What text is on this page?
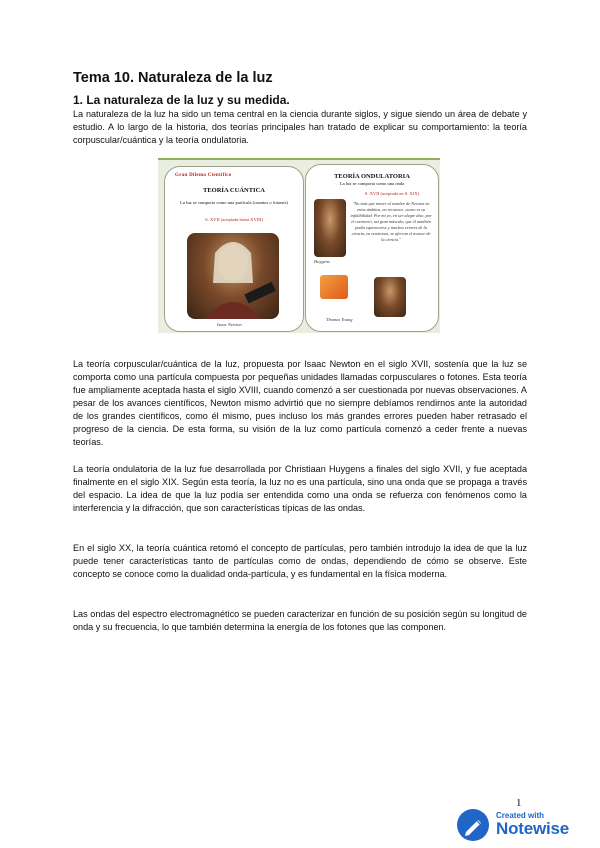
Tema 10. Naturaleza de la luz
1. La naturaleza de la luz y su medida.

La naturaleza de la luz ha sido un tema central en la ciencia durante siglos, y sigue siendo un área de debate y estudio. A lo largo de la historia, dos teorías principales han tratado de explicar su comportamiento: la teoría corpuscular/cuántica y la teoría ondulatoria.

Gran Dilema Científico
TEORÍA CUÁNTICA
La luz se comporta como una partícula (cuantos o fotones)
S. XVII (aceptada hasta XVIII)
Isaac Newton
TEORÍA ONDULATORIA
La luz se comporta como una onda
S. XVII (aceptada en S. XIX)
Huygens
"No más que mover al nombre de Newton en estos ámbitos, no reconoce, acaso es su infalibilidad. Por mi yo, en ser alegre diso, por el contrario, así gran músculo, que él también podía equivocarse y muchos errores de la ciencia, en ocasiones, se aferran el avance de la ciencia."
Thomas Young

La teoría corpuscular/cuántica de la luz, propuesta por Isaac Newton en el siglo XVII, sostenía que la luz se comporta como una partícula compuesta por pequeñas unidades llamadas corpusculares o fotones. Esta teoría fue ampliamente aceptada hasta el siglo XVIII, cuando comenzó a ser cuestionada por nuevas observaciones. A pesar de los avances científicos, Newton mismo advirtió que no siempre debíamos rendirnos ante la autoridad de los grandes científicos, como él mismo, pues incluso los más grandes errores pueden haber retrasado el progreso de la ciencia. De esta forma, su visión de la luz como partícula comenzó a ceder frente a nuevas teorías.

La teoría ondulatoria de la luz fue desarrollada por Christiaan Huygens a finales del siglo XVII, y fue aceptada finalmente en el siglo XIX. Según esta teoría, la luz no es una partícula, sino una onda que se propaga a través del espacio. La idea de que la luz podía ser entendida como una onda se refuerza con fenómenos como la interferencia y la difracción, que son características típicas de las ondas.

En el siglo XX, la teoría cuántica retomó el concepto de partículas, pero también introdujo la idea de que la luz puede tener características tanto de partículas como de ondas, dependiendo de cómo se observe. Este concepto se conoce como la dualidad onda-partícula, y es fundamental en la física moderna.

Las ondas del espectro electromagnético se pueden caracterizar en función de su posición según su longitud de onda y su frecuencia, lo que también determina la energía de los fotones que las componen.

1
Created with
Notewise
